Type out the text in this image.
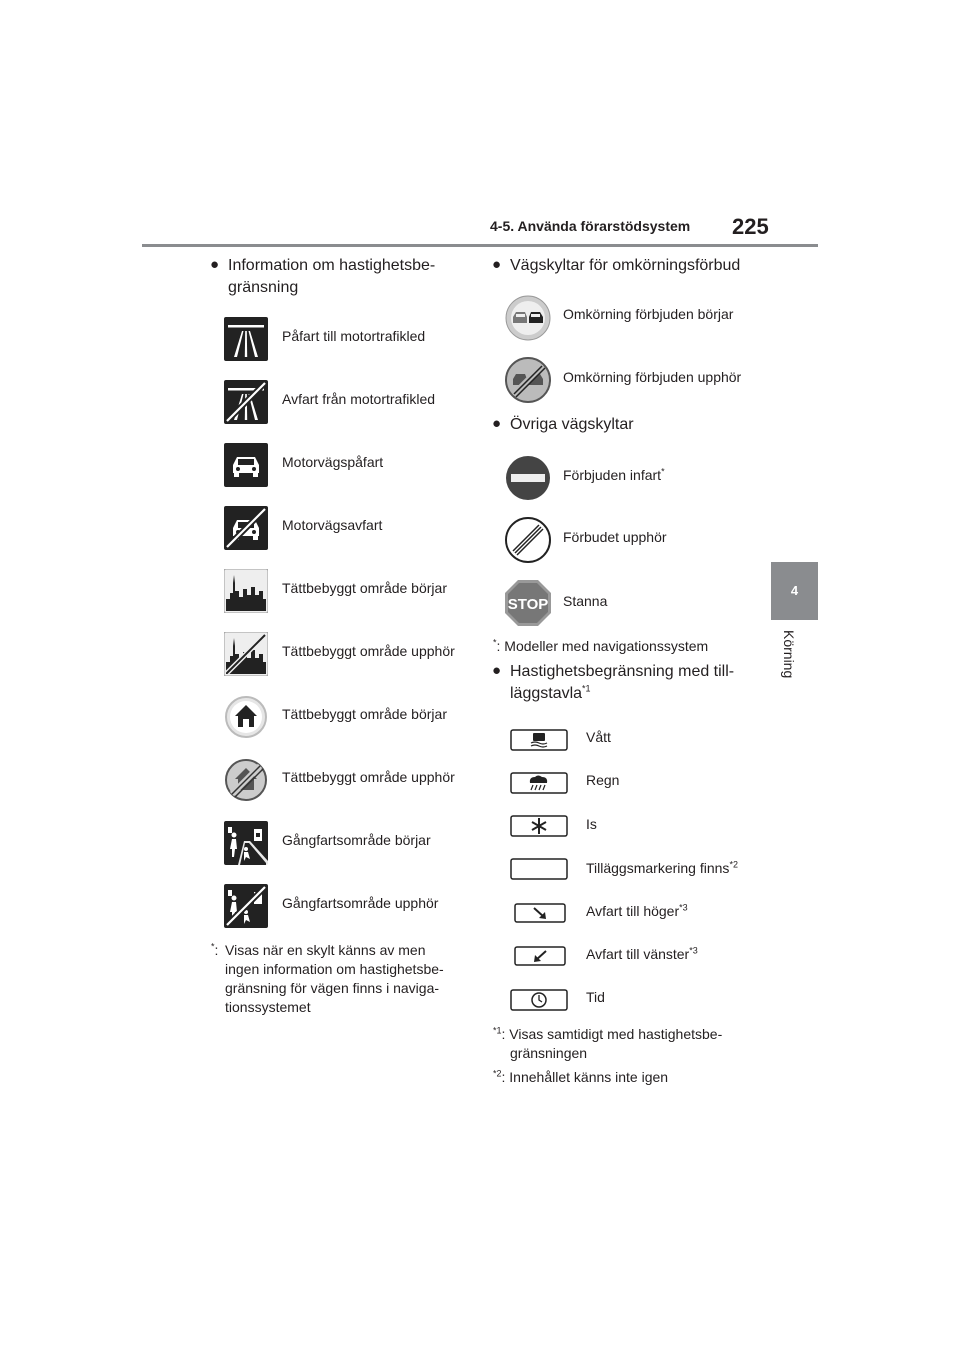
4-5. Använda förarstödsystem 225
4
Körning
● Information om hastighetsbe-
gränsning
Påfart till motortrafikled
Avfart från motortrafikled
Motorvägspåfart
Motorvägsavfart
Tättbebyggt område börjar
Tättbebyggt område upphör
Tättbebyggt område börjar
Tättbebyggt område upphör
Gångfartsområde börjar
Gångfartsområde upphör
*: Visas när en skylt känns av men
ingen information om hastighetsbe-
gränsning för vägen finns i naviga-
tionssystemet
● Vägskyltar för omkörningsförbud
Omkörning förbjuden börjar
Omkörning förbjuden upphör
● Övriga vägskyltar
Förbjuden infart*
Förbudet upphör
STOP Stanna
*: Modeller med navigationssystem
● Hastighetsbegränsning med till-
läggstavla$^{*1}$
Vått
Regn
Is
Tilläggsmarkering finns$^{*2}$
Avfart till höger$^{*3}$
Avfart till vänster$^{*3}$
Tid
$^{*1}$: Visas samtidigt med hastighetsbe-
gränsningen
$^{*2}$: Innehållet känns inte igen
